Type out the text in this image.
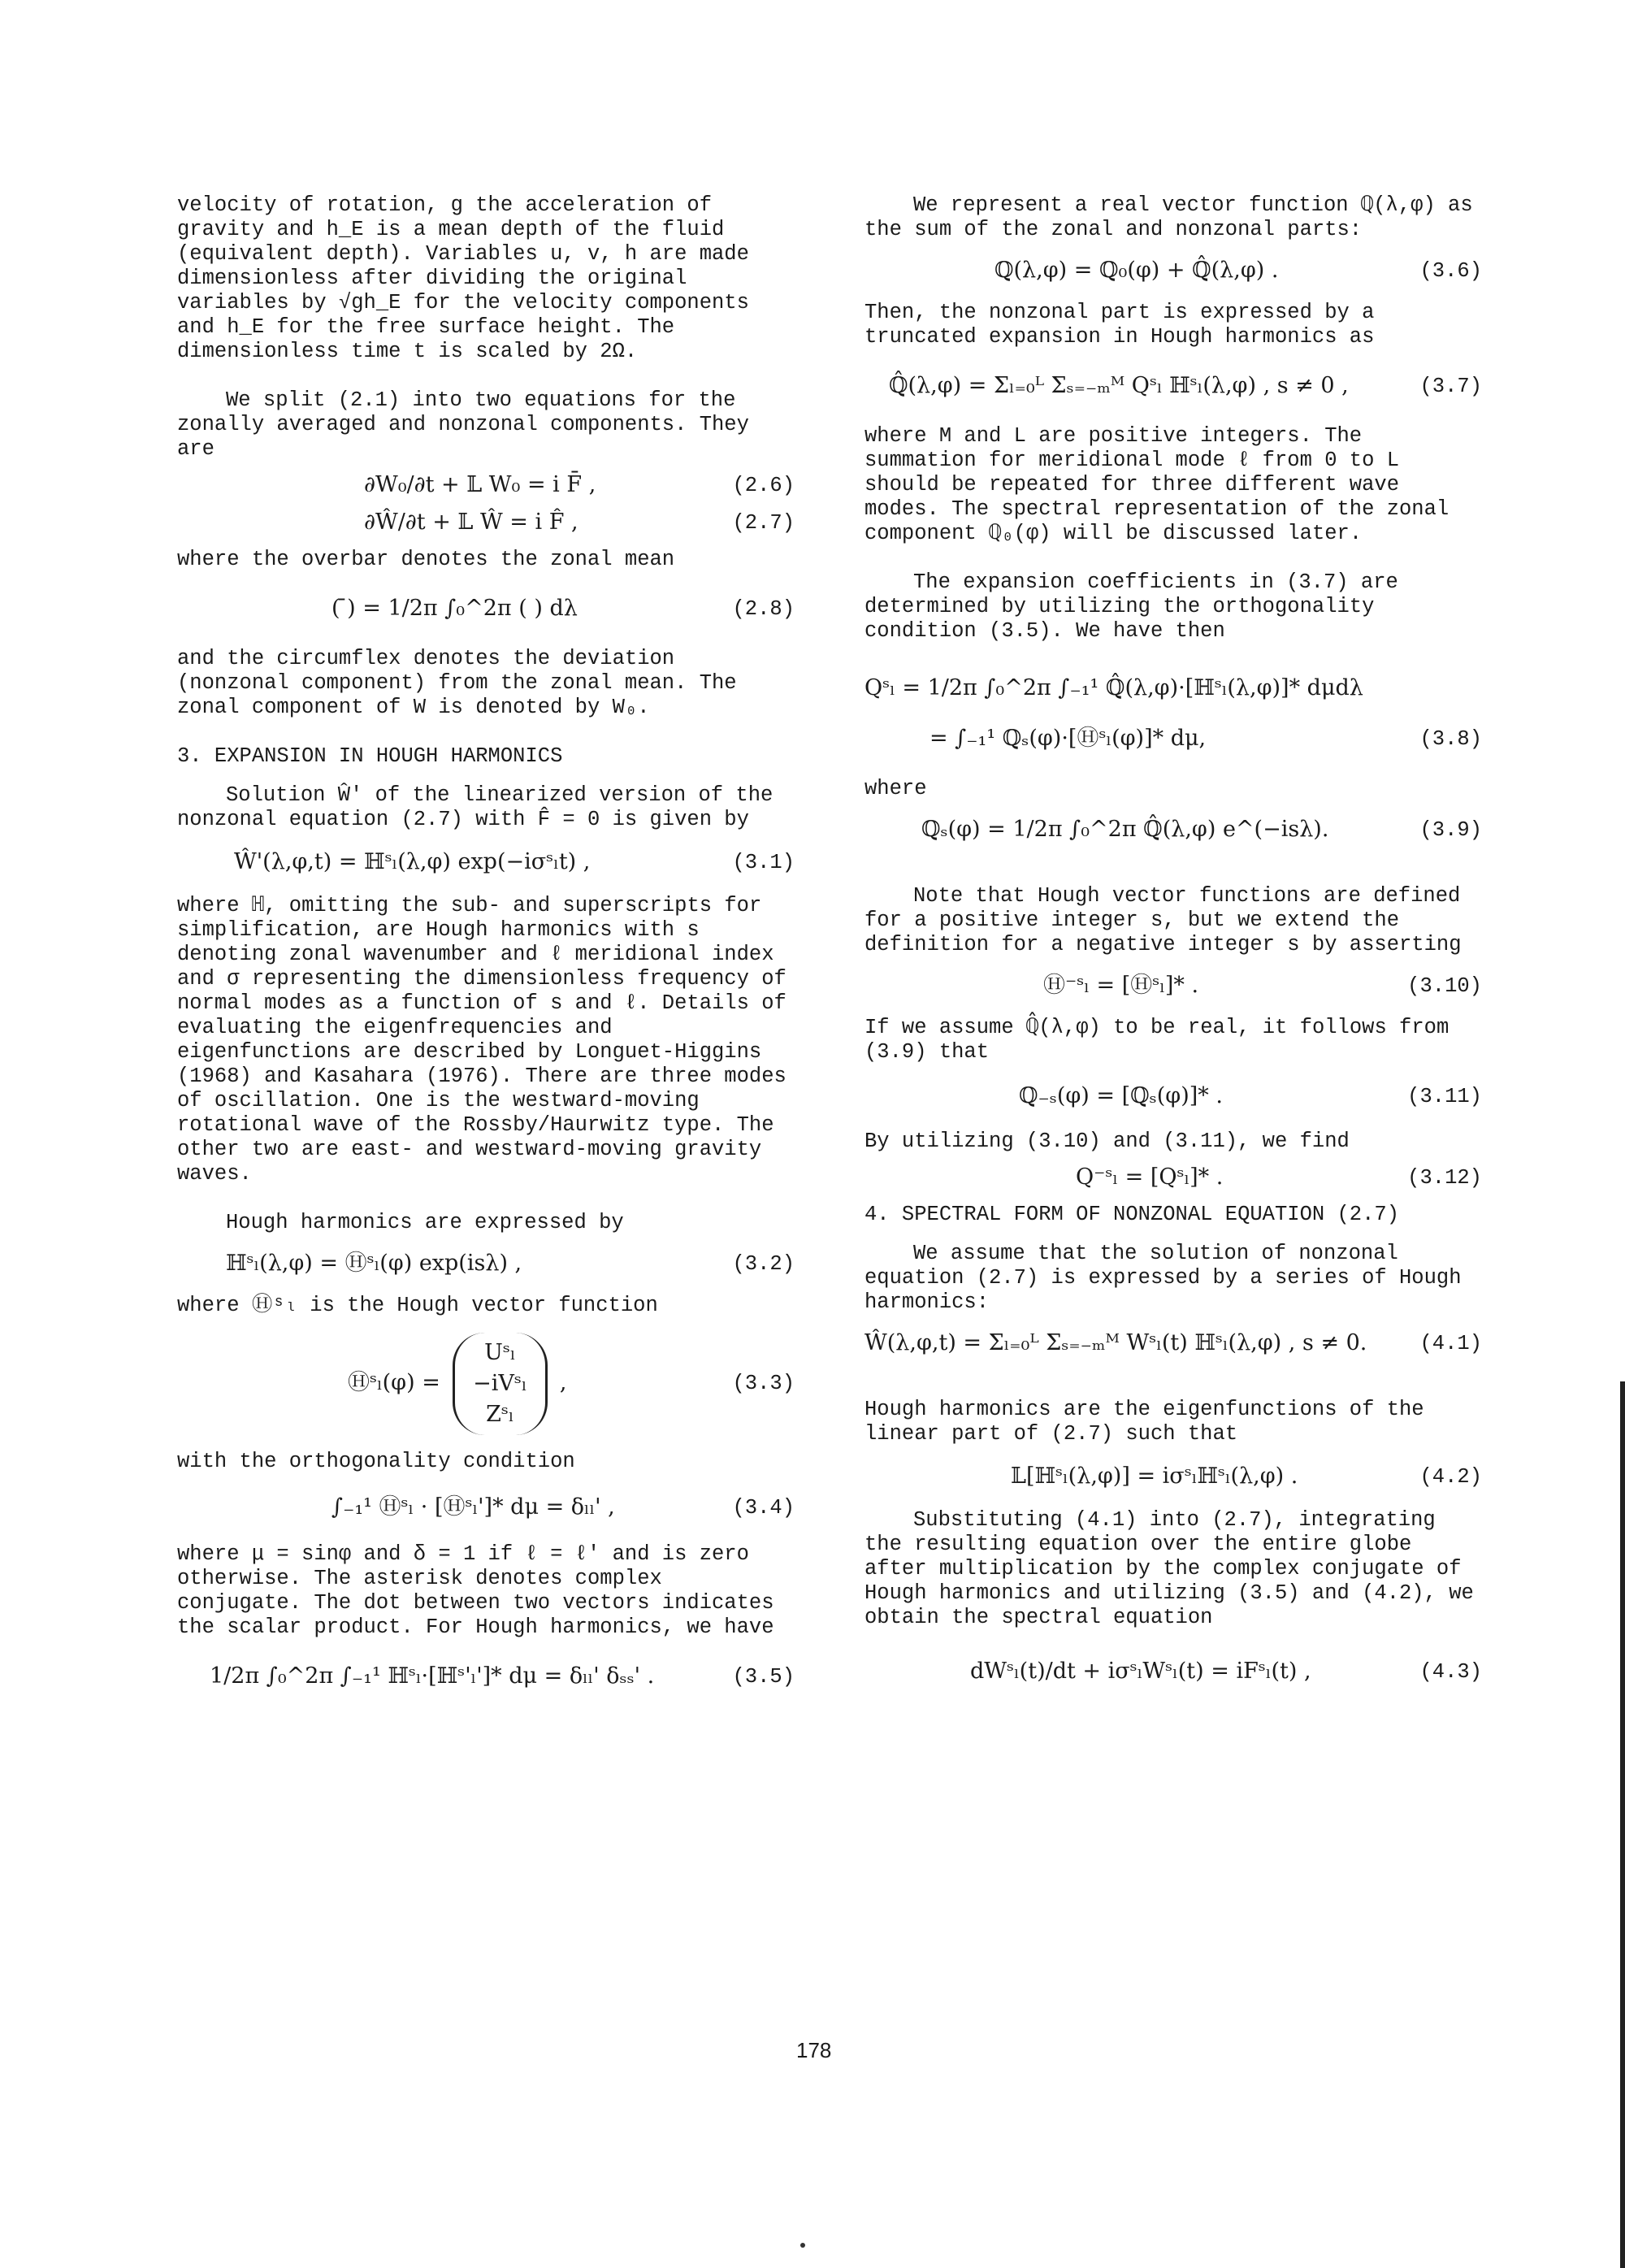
velocity of rotation, g the acceleration of gravity and h_E is a mean depth of the fluid (equivalent depth). Variables u, v, h are made dimensionless after dividing the original variables by √gh_E for the velocity components and h_E for the free surface height. The dimensionless time t is scaled by 2Ω.

We split (2.1) into two equations for the zonally averaged and nonzonal components. They are

∂W₀/∂t + 𝕃 W₀ = i F̄ ,	(2.6)
∂Ŵ/∂t + 𝕃 Ŵ = i F̂ ,	(2.7)

where the overbar denotes the zonal mean

( ̄) = 1/2π ∫₀^2π ( ) dλ	(2.8)

and the circumflex denotes the deviation (nonzonal component) from the zonal mean. The zonal component of W is denoted by W₀.

3. EXPANSION IN HOUGH HARMONICS

Solution Ŵ' of the linearized version of the nonzonal equation (2.7) with F̂ = 0 is given by

Ŵ'(λ,φ,t) = ℍˢₗ(λ,φ) exp(−iσˢₗt) ,	(3.1)

where ℍ, omitting the sub- and superscripts for simplification, are Hough harmonics with s denoting zonal wavenumber and ℓ meridional index and σ representing the dimensionless frequency of normal modes as a function of s and ℓ. Details of evaluating the eigenfrequencies and eigenfunctions are described by Longuet-Higgins (1968) and Kasahara (1976). There are three modes of oscillation. One is the westward-moving rotational wave of the Rossby/Haurwitz type. The other two are east- and westward-moving gravity waves.

Hough harmonics are expressed by

ℍˢₗ(λ,φ) = Ⓗˢₗ(φ) exp(isλ) ,	(3.2)

where Ⓗˢₗ is the Hough vector function

Ⓗˢₗ(φ) =
Uˢₗ
−iVˢₗ
Zˢₗ
,	(3.3)

with the orthogonality condition

∫₋₁¹ Ⓗˢₗ · [Ⓗˢₗ']* dμ = δₗₗ' ,	(3.4)

where μ = sinφ and δ = 1 if ℓ = ℓ' and is zero otherwise. The asterisk denotes complex conjugate. The dot between two vectors indicates the scalar product. For Hough harmonics, we have

1/2π ∫₀^2π ∫₋₁¹ ℍˢₗ·[ℍˢ'ₗ']* dμ = δₗₗ' δₛₛ' .	(3.5)

We represent a real vector function ℚ(λ,φ) as the sum of the zonal and nonzonal parts:

ℚ(λ,φ) = ℚ₀(φ) + ℚ̂(λ,φ) .	(3.6)

Then, the nonzonal part is expressed by a truncated expansion in Hough harmonics as

ℚ̂(λ,φ) = Σₗ₌₀ᴸ Σₛ₌₋ₘᴹ Qˢₗ ℍˢₗ(λ,φ) , s ≠ 0 ,	(3.7)

where M and L are positive integers. The summation for meridional mode ℓ from 0 to L should be repeated for three different wave modes. The spectral representation of the zonal component ℚ₀(φ) will be discussed later.

The expansion coefficients in (3.7) are determined by utilizing the orthogonality condition (3.5). We have then

Qˢₗ = 1/2π ∫₀^2π ∫₋₁¹ ℚ̂(λ,φ)·[ℍˢₗ(λ,φ)]* dμdλ
= ∫₋₁¹ ℚₛ(φ)·[Ⓗˢₗ(φ)]* dμ,	(3.8)

where

ℚₛ(φ) = 1/2π ∫₀^2π ℚ̂(λ,φ) e^(−isλ).	(3.9)

Note that Hough vector functions are defined for a positive integer s, but we extend the definition for a negative integer s by asserting

Ⓗ⁻ˢₗ = [Ⓗˢₗ]* .	(3.10)

If we assume ℚ̂(λ,φ) to be real, it follows from (3.9) that

ℚ₋ₛ(φ) = [ℚₛ(φ)]* .	(3.11)

By utilizing (3.10) and (3.11), we find

Q⁻ˢₗ = [Qˢₗ]* .	(3.12)

4. SPECTRAL FORM OF NONZONAL EQUATION (2.7)

We assume that the solution of nonzonal equation (2.7) is expressed by a series of Hough harmonics:

Ŵ(λ,φ,t) = Σₗ₌₀ᴸ Σₛ₌₋ₘᴹ Wˢₗ(t) ℍˢₗ(λ,φ) , s ≠ 0.	(4.1)

Hough harmonics are the eigenfunctions of the linear part of (2.7) such that

𝕃[ℍˢₗ(λ,φ)] = iσˢₗℍˢₗ(λ,φ) .	(4.2)

Substituting (4.1) into (2.7), integrating the resulting equation over the entire globe after multiplication by the complex conjugate of Hough harmonics and utilizing (3.5) and (4.2), we obtain the spectral equation

dWˢₗ(t)/dt + iσˢₗWˢₗ(t) = iFˢₗ(t) ,	(4.3)
178
